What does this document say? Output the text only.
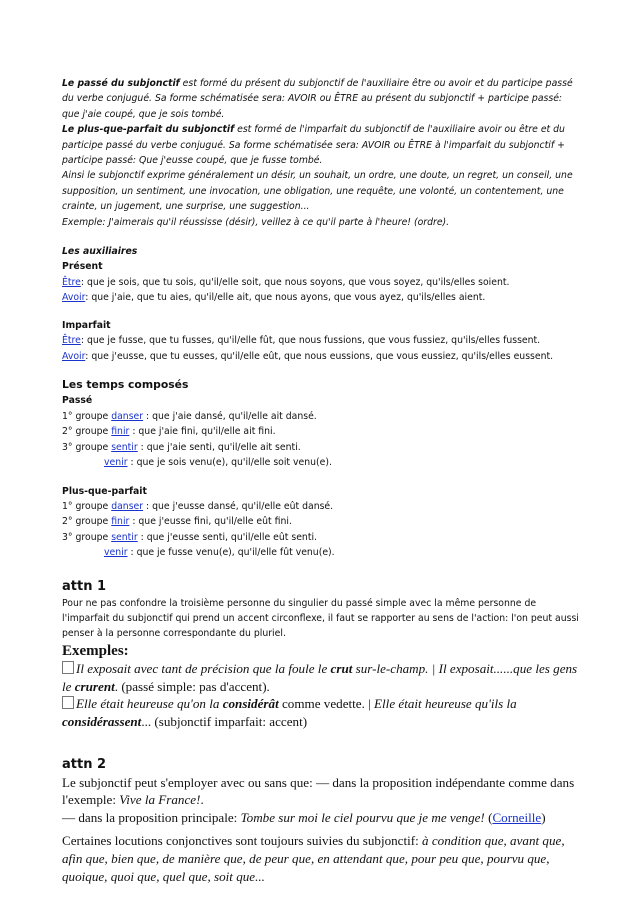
Le passé du subjonctif est formé du présent du subjonctif de l'auxiliaire être ou avoir et du participe passé du verbe conjugué. Sa forme schématisée sera: AVOIR ou ÊTRE au présent du subjonctif + participe passé: que j'aie coupé, que je sois tombé.

Le plus-que-parfait du subjonctif est formé de l'imparfait du subjonctif de l'auxiliaire avoir ou être et du participe passé du verbe conjugué. Sa forme schématisée sera: AVOIR ou ÊTRE à l'imparfait du subjonctif + participe passé: Que j'eusse coupé, que je fusse tombé.

Ainsi le subjonctif exprime généralement un désir, un souhait, un ordre, une doute, un regret, un conseil, une supposition, un sentiment, une invocation, une obligation, une requête, une volonté, un contentement, une crainte, un jugement, une surprise, une suggestion...

Exemple: J'aimerais qu'il réussisse (désir), veillez à ce qu'il parte à l'heure! (ordre).

Les auxiliaires
Présent
Être: que je sois, que tu sois, qu'il/elle soit, que nous soyons, que vous soyez, qu'ils/elles soient.
Avoir: que j'aie, que tu aies, qu'il/elle ait, que nous ayons, que vous ayez, qu'ils/elles aient.
Imparfait
Être: que je fusse, que tu fusses, qu'il/elle fût, que nous fussions, que vous fussiez, qu'ils/elles fussent.
Avoir: que j'eusse, que tu eusses, qu'il/elle eût, que nous eussions, que vous eussiez, qu'ils/elles eussent.
Les temps composés
Passé
1° groupe danser : que j'aie dansé, qu'il/elle ait dansé.
2° groupe finir : que j'aie fini, qu'il/elle ait fini.
3° groupe sentir : que j'aie senti, qu'il/elle ait senti.
venir : que je sois venu(e), qu'il/elle soit venu(e).
Plus-que-parfait
1° groupe danser : que j'eusse dansé, qu'il/elle eût dansé.
2° groupe finir : que j'eusse fini, qu'il/elle eût fini.
3° groupe sentir : que j'eusse senti, qu'il/elle eût senti.
venir : que je fusse venu(e), qu'il/elle fût venu(e).
attn 1

Pour ne pas confondre la troisième personne du singulier du passé simple avec la même personne de l'imparfait du subjonctif qui prend un accent circonflexe, il faut se rapporter au sens de l'action: l'on peut aussi penser à la personne correspondante du pluriel.

Exemples:

Il exposait avec tant de précision que la foule le crut sur-le-champ. | Il exposait......que les gens le crurent. (passé simple: pas d'accent).

Elle était heureuse qu'on la considérât comme vedette. | Elle était heureuse qu'ils la considérassent... (subjonctif imparfait: accent)

attn 2

Le subjonctif peut s'employer avec ou sans que: — dans la proposition indépendante comme dans l'exemple: Vive la France!.

— dans la proposition principale: Tombe sur moi le ciel pourvu que je me venge! (Corneille)

Certaines locutions conjonctives sont toujours suivies du subjonctif: à condition que, avant que, afin que, bien que, de manière que, de peur que, en attendant que, pour peu que, pourvu que, quoique, quoi que, quel que, soit que...
